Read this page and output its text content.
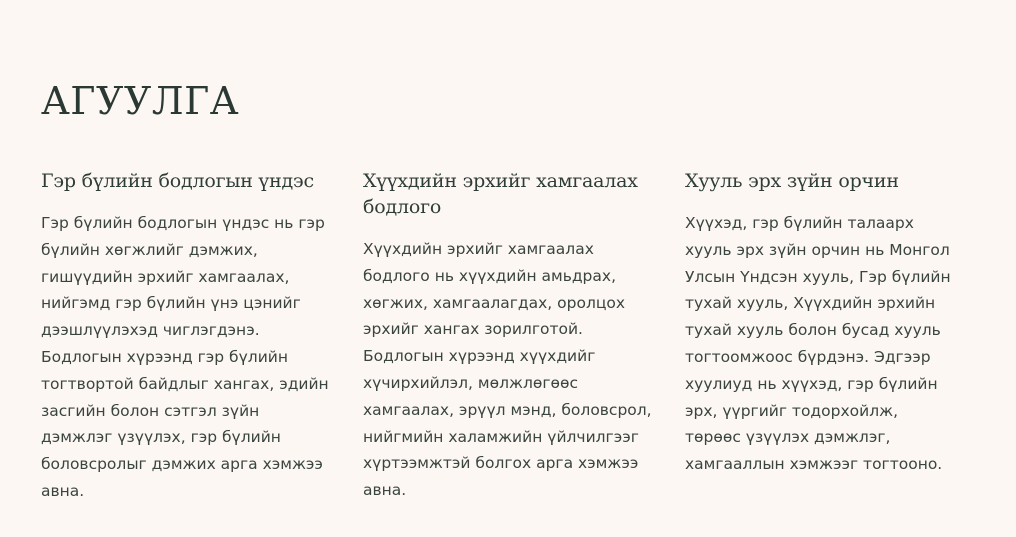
АГУУЛГА
Гэр бүлийн бодлогын үндэс

Гэр бүлийн бодлогын үндэс нь гэр бүлийн хөгжлийг дэмжих, гишүүдийн эрхийг хамгаалах, нийгэмд гэр бүлийн үнэ цэнийг дээшлүүлэхэд чиглэгдэнэ. Бодлогын хүрээнд гэр бүлийн тогтвортой байдлыг хангах, эдийн засгийн болон сэтгэл зүйн дэмжлэг үзүүлэх, гэр бүлийн боловсролыг дэмжих арга хэмжээ авна.

Хүүхдийн эрхийг хамгаалах бодлого

Хүүхдийн эрхийг хамгаалах бодлого нь хүүхдийн амьдрах, хөгжих, хамгаалагдах, оролцох эрхийг хангах зорилготой. Бодлогын хүрээнд хүүхдийг хүчирхийлэл, мөлжлөгөөс хамгаалах, эрүүл мэнд, боловсрол, нийгмийн халамжийн үйлчилгээг хүртээмжтэй болгох арга хэмжээ авна.

Хууль эрх зүйн орчин

Хүүхэд, гэр бүлийн талаарх хууль эрх зүйн орчин нь Монгол Улсын Үндсэн хууль, Гэр бүлийн тухай хууль, Хүүхдийн эрхийн тухай хууль болон бусад хууль тогтоомжоос бүрдэнэ. Эдгээр хуулиуд нь хүүхэд, гэр бүлийн эрх, үүргийг тодорхойлж, төрөөс үзүүлэх дэмжлэг, хамгааллын хэмжээг тогтооно.
